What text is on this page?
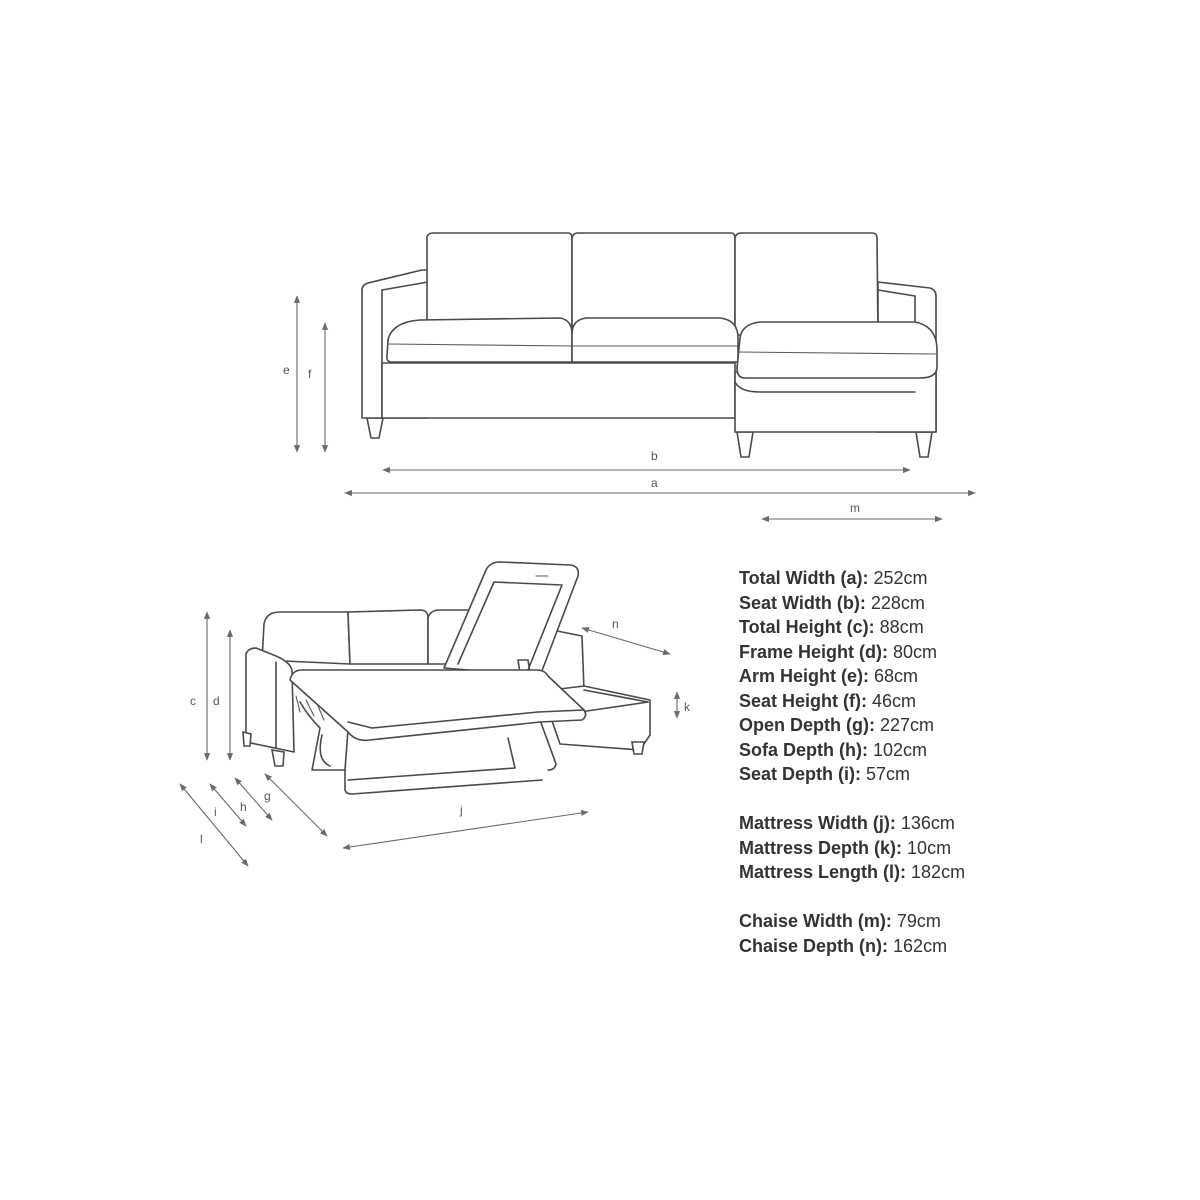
e f
b
a
m
c d
g
h
i
l
j
n
k
Total Width (a): 252cm
Seat Width (b): 228cm
Total Height (c): 88cm
Frame Height (d): 80cm
Arm Height (e): 68cm
Seat Height (f): 46cm
Open Depth (g): 227cm
Sofa Depth (h): 102cm
Seat Depth (i): 57cm
Mattress Width (j): 136cm
Mattress Depth (k): 10cm
Mattress Length (l): 182cm
Chaise Width (m): 79cm
Chaise Depth (n): 162cm
